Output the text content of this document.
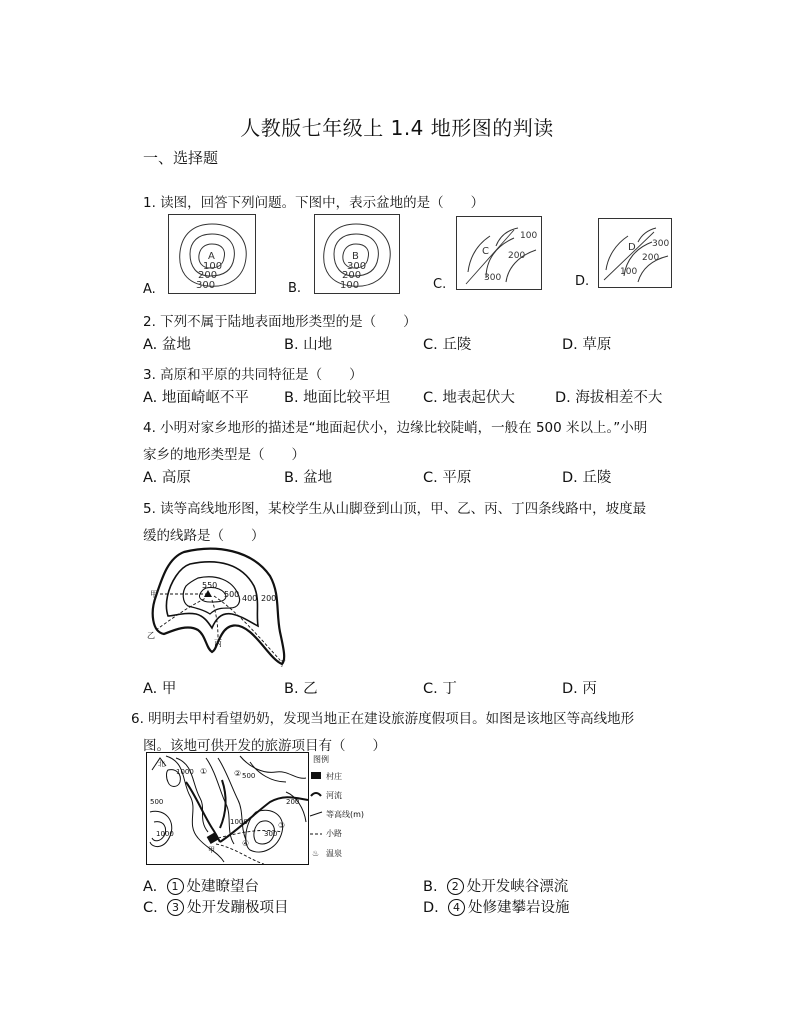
人教版七年级上 1.4 地形图的判读
一、选择题
1. 读图，回答下列问题。下图中，表示盆地的是（　　）
A.
A
100
200
300	B.
B
300
200
100	C.
C
100
200
300	D.
D 300
200
100
2. 下列不属于陆地表面地形类型的是（　　）
A. 盆地	B. 山地	C. 丘陵	D. 草原
3. 高原和平原的共同特征是（　　）
A. 地面崎岖不平 B. 地面比较平坦 C. 地表起伏大	D. 海拔相差不大
4. 小明对家乡地形的描述是“地面起伏小，边缘比较陡峭，一般在 500 米以上。”小明
家乡的地形类型是（　　）
A. 高原	B. 盆地	C. 平原	D. 丘陵
5. 读等高线地形图，某校学生从山脚登到山顶，甲、乙、丙、丁四条线路中，坡度最
缓的线路是（　　）
550
500 400 200
甲
乙
丙
丁
A. 甲	B. 乙	C. 丁	D. 丙
6. 明明去甲村看望奶奶，发现当地正在建设旅游度假项目。如图是该地区等高线地形
图。该地可供开发的旅游项目有（　　）
北
甲
1000
500
300
200
1000
500
1000
①	②
③
④
图例
村庄
河流
等高线(m)
小路
♨ 温泉
A. 1 处建瞭望台	B. 2 处开发峡谷漂流
C. 3 处开发蹦极项目	D. 4 处修建攀岩设施
